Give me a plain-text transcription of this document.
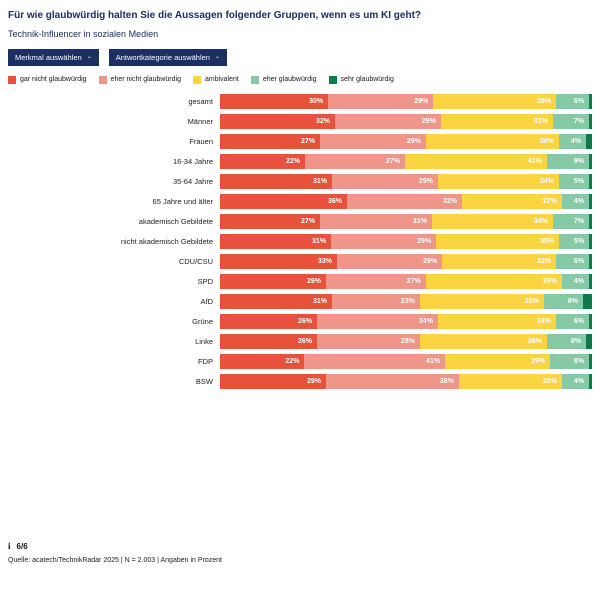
Für wie glaubwürdig halten Sie die Aussagen folgender Gruppen, wenn es um KI geht?
Technik-Influencer in sozialen Medien
Merkmal auswählen ⌄	Antwortkategorie auswählen ⌄
gar nicht glaubwürdig	eher nicht glaubwürdig	ambivalent	eher glaubwürdig	sehr glaubwürdig
gesamt	30%	29%	35%	6%
Männer	32%	29%	31%	7%
Frauen	27%	29%	38%	4%
16-34 Jahre	22%	27%	41%	9%
35-64 Jahre	31%	29%	34%	5%
65 Jahre und älter	36%	32%	27%	4%
akademisch Gebildete	27%	31%	34%	7%
nicht akademisch Gebildete	31%	29%	35%	5%
CDU/CSU	33%	29%	32%	6%
SPD	29%	27%	39%	4%
AfD	31%	23%	35%	8%
Grüne	26%	34%	33%	6%
Linke	26%	28%	36%	8%
FDP	22%	41%	29%	8%
BSW	29%	38%	28%	4%
i 6/6
Quelle: acatech/TechnikRadar 2025 | N = 2.003 | Angaben in Prozent
